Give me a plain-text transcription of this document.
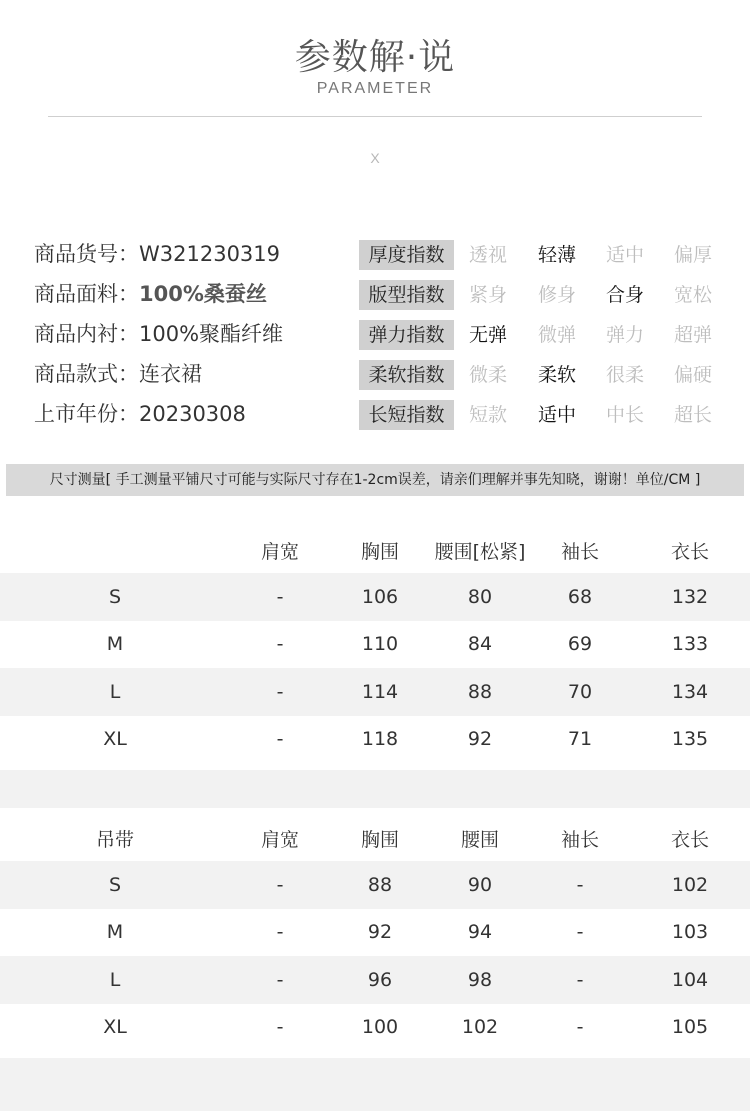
参数解·说
PARAMETER
X
商品货号：W321230319
商品面料：100%桑蚕丝
商品内衬：100%聚酯纤维
商品款式：连衣裙
上市年份：20230308
厚度指数	透视	轻薄	适中	偏厚
版型指数	紧身	修身	合身	宽松
弹力指数	无弹	微弹	弹力	超弹
柔软指数	微柔	柔软	很柔	偏硬
长短指数	短款	适中	中长	超长
尺寸测量[ 手工测量平铺尺寸可能与实际尺寸存在1-2cm误差，请亲们理解并事先知晓，谢谢！单位/CM ]
	肩宽	胸围	腰围[松紧]	袖长	衣长
S	-	106	80	68	132
M	-	110	84	69	133
L	-	114	88	70	134
XL	-	118	92	71	135
吊带	肩宽	胸围	腰围	袖长	衣长
S	-	88	90	-	102
M	-	92	94	-	103
L	-	96	98	-	104
XL	-	100	102	-	105
